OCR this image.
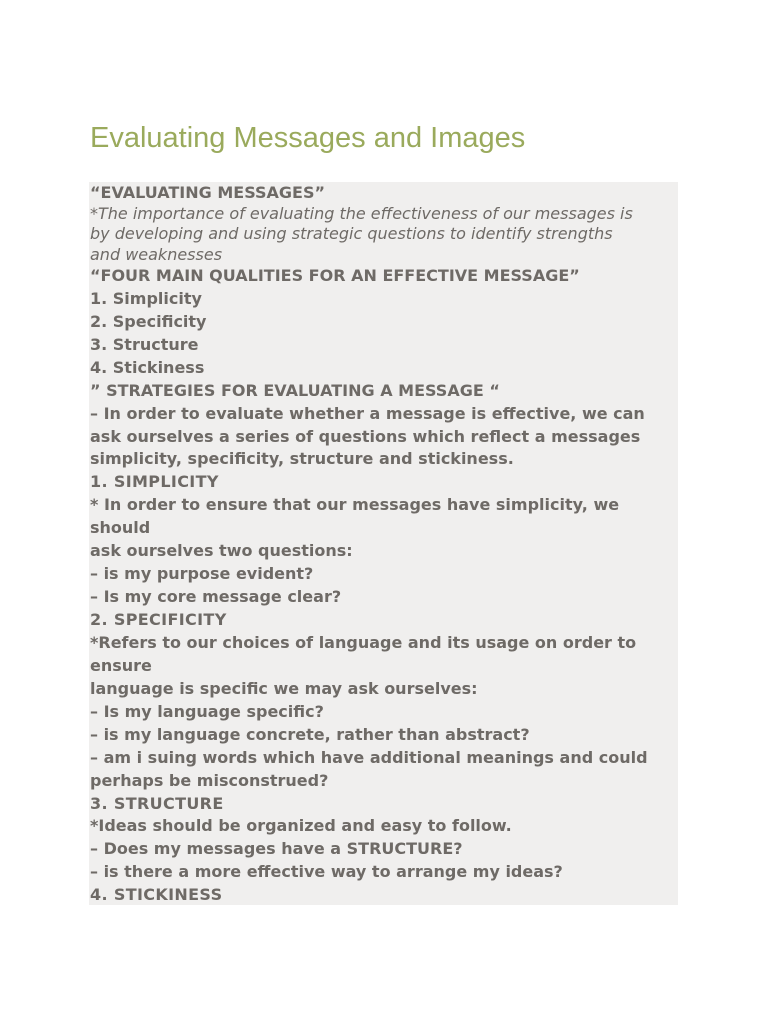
Evaluating Messages and Images

“EVALUATING MESSAGES”

*The importance of evaluating the effectiveness of our messages is

by developing and using strategic questions to identify strengths

and weaknesses

“FOUR MAIN QUALITIES FOR AN EFFECTIVE MESSAGE”

1. Simplicity

2. Specificity

3. Structure

4. Stickiness

” STRATEGIES FOR EVALUATING A MESSAGE “

– In order to evaluate whether a message is effective, we can

ask ourselves a series of questions which reflect a messages

simplicity, specificity, structure and stickiness.

1. SIMPLICITY

* In order to ensure that our messages have simplicity, we

should

ask ourselves two questions:

– is my purpose evident?

– Is my core message clear?

2. SPECIFICITY

*Refers to our choices of language and its usage on order to

ensure

language is specific we may ask ourselves:

– Is my language specific?

– is my language concrete, rather than abstract?

– am i suing words which have additional meanings and could

perhaps be misconstrued?

3. STRUCTURE

*Ideas should be organized and easy to follow.

– Does my messages have a STRUCTURE?

– is there a more effective way to arrange my ideas?

4. STICKINESS
